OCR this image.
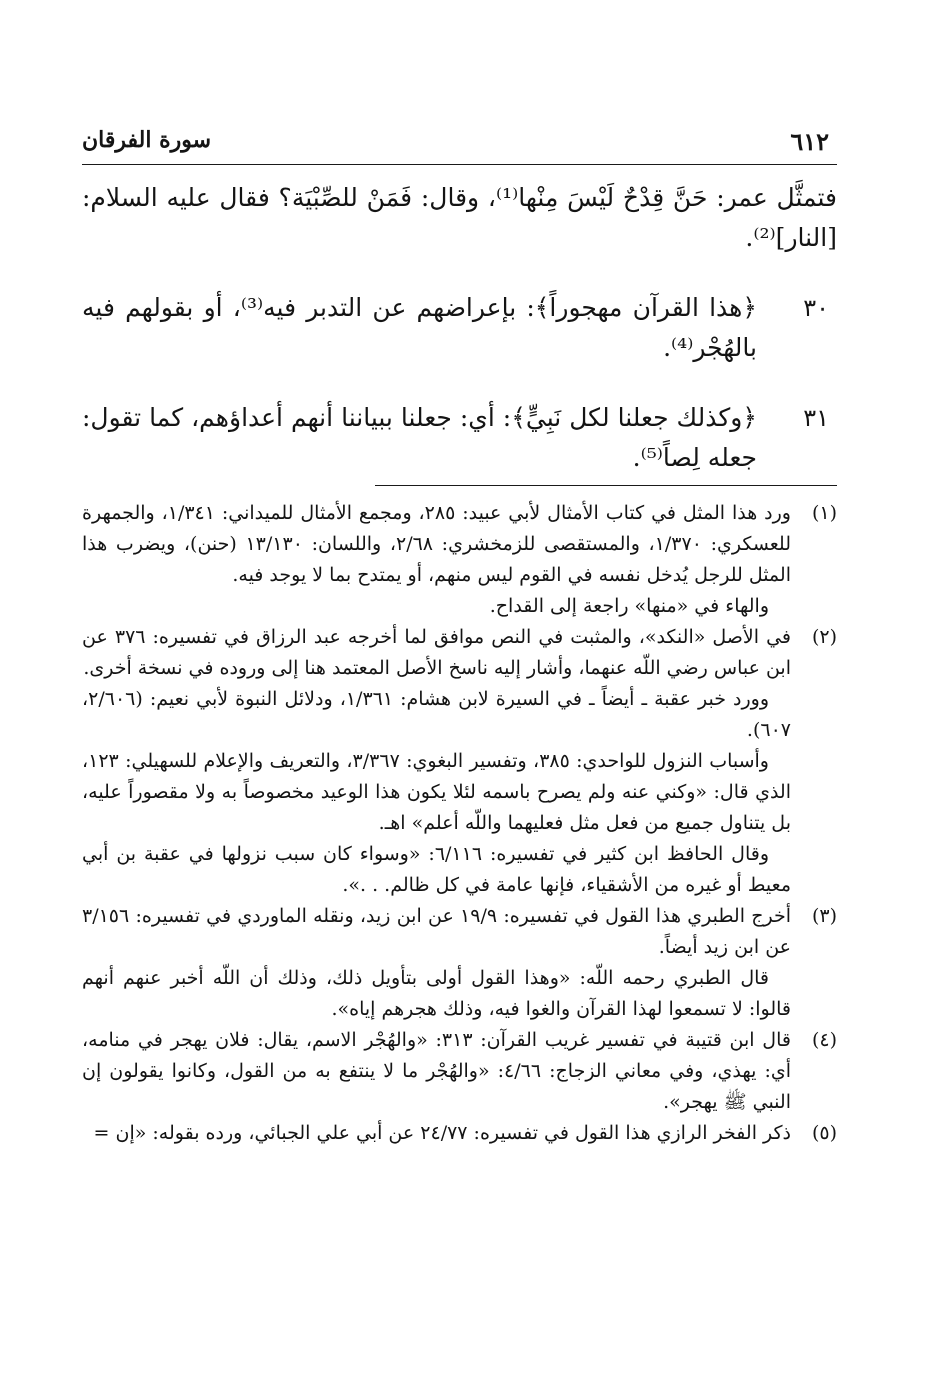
٦١٢
سورة الفرقان

فتمثَّل عمر: حَنَّ قِدْحٌ لَيْسَ مِنْها⁽¹⁾، وقال: فَمَنْ للصِّبْيَة؟ فقال عليه السلام: [النار]⁽²⁾.

٣٠
﴿هذا القرآن مهجوراً﴾: بإعراضهم عن التدبر فيه⁽³⁾، أو بقولهم فيه بالهُجْر⁽⁴⁾.
٣١
﴿وكذلك جعلنا لكل نَبِيٍّ﴾: أي: جعلنا ببياننا أنهم أعداؤهم، كما تقول: جعله لِصاً⁽⁵⁾.
(١)

ورد هذا المثل في كتاب الأمثال لأبي عبيد: ٢٨٥، ومجمع الأمثال للميداني: ١/٣٤١، والجمهرة للعسكري: ١/٣٧٠، والمستقصى للزمخشري: ٢/٦٨، واللسان: ١٣/١٣٠ (حنن)، ويضرب هذا المثل للرجل يُدخل نفسه في القوم ليس منهم، أو يمتدح بما لا يوجد فيه.

والهاء في «منها» راجعة إلى القداح.

(٢)

في الأصل «النكد»، والمثبت في النص موافق لما أخرجه عبد الرزاق في تفسيره: ٣٧٦ عن ابن عباس رضي اللّه عنهما، وأشار إليه ناسخ الأصل المعتمد هنا إلى وروده في نسخة أخرى.

وورد خبر عقبة ـ أيضاً ـ في السيرة لابن هشام: ١/٣٦١، ودلائل النبوة لأبي نعيم: (٢/٦٠٦، ٦٠٧).

وأسباب النزول للواحدي: ٣٨٥، وتفسير البغوي: ٣/٣٦٧، والتعريف والإعلام للسهيلي: ١٢٣، الذي قال: «وكني عنه ولم يصرح باسمه لئلا يكون هذا الوعيد مخصوصاً به ولا مقصوراً عليه، بل يتناول جميع من فعل مثل فعليهما واللّه أعلم» اهـ.

وقال الحافظ ابن كثير في تفسيره: ٦/١١٦: «وسواء كان سبب نزولها في عقبة بن أبي معيط أو غيره من الأشقياء، فإنها عامة في كل ظالم. . .».

(٣)

أخرج الطبري هذا القول في تفسيره: ١٩/٩ عن ابن زيد، ونقله الماوردي في تفسيره: ٣/١٥٦ عن ابن زيد أيضاً.

قال الطبري رحمه اللّه: «وهذا القول أولى بتأويل ذلك، وذلك أن اللّه أخبر عنهم أنهم قالوا: لا تسمعوا لهذا القرآن والغوا فيه، وذلك هجرهم إياه».

(٤)

قال ابن قتيبة في تفسير غريب القرآن: ٣١٣: «والهُجْر الاسم، يقال: فلان يهجر في منامه، أي: يهذي، وفي معاني الزجاج: ٤/٦٦: «والهُجْر ما لا ينتفع به من القول، وكانوا يقولون إن النبي ﷺ يهجر».

(٥)

ذكر الفخر الرازي هذا القول في تفسيره: ٢٤/٧٧ عن أبي علي الجبائي، ورده بقوله: «إن =
